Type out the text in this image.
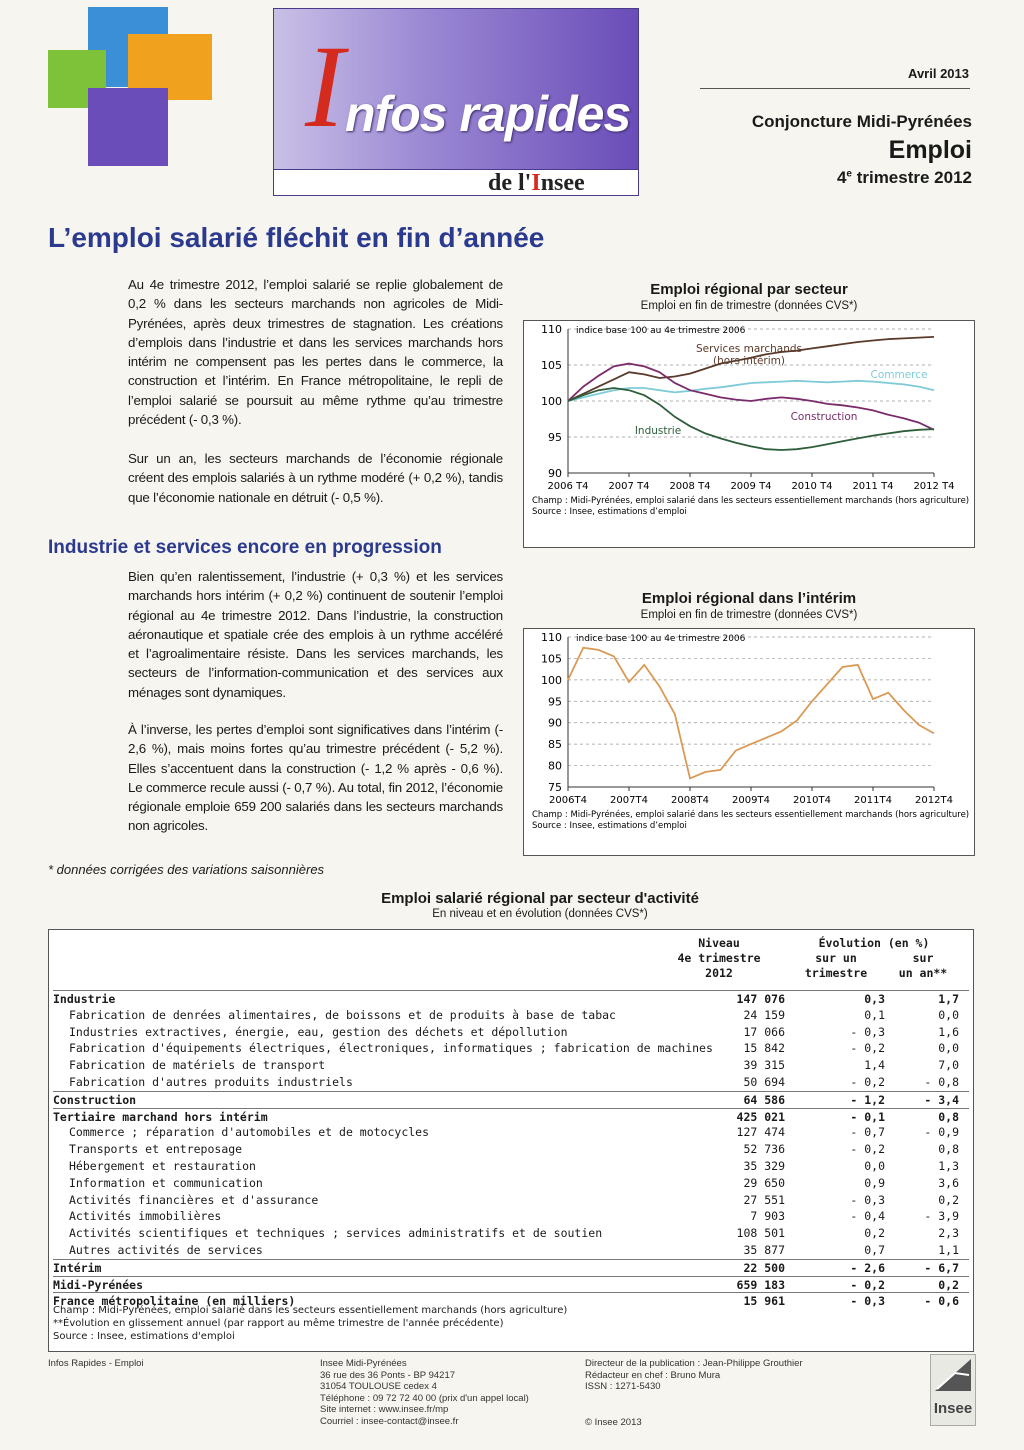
I nfos rapides
de l'Insee
Avril 2013
Conjoncture Midi-Pyrénées
Emploi
4e trimestre 2012
L’emploi salarié fléchit en fin d’année
Au 4e trimestre 2012, l’emploi salarié se replie globalement de 0,2 % dans les secteurs marchands non agricoles de Midi-Pyrénées, après deux trimestres de stagnation. Les créations d’emplois dans l’industrie et dans les services marchands hors intérim ne compensent pas les pertes dans le commerce, la construction et l’intérim. En France métropolitaine, le repli de l’emploi salarié se poursuit au même rythme qu’au trimestre précédent (- 0,3 %).
Sur un an, les secteurs marchands de l’économie régionale créent des emplois salariés à un rythme modéré (+ 0,2 %), tandis que l’économie nationale en détruit (- 0,5 %).
Industrie et services encore en progression
Bien qu’en ralentissement, l’industrie (+ 0,3 %) et les services marchands hors intérim (+ 0,2 %) continuent de soutenir l’emploi régional au 4e trimestre 2012. Dans l’industrie, la construction aéronautique et spatiale crée des emplois à un rythme accéléré et l’agroalimentaire résiste. Dans les services marchands, les secteurs de l’information-communication et des services aux ménages sont dynamiques.
À l’inverse, les pertes d’emploi sont significatives dans l’intérim (- 2,6 %), mais moins fortes qu’au trimestre précédent (- 5,2 %). Elles s’accentuent dans la construction (- 1,2 % après - 0,6 %). Le commerce recule aussi (- 0,7 %). Au total, fin 2012, l’économie régionale emploie 659 200 salariés dans les secteurs marchands non agricoles.
* données corrigées des variations saisonnières
Emploi régional par secteur
Emploi en fin de trimestre (données CVS*)
90
95
100
105
110
2006 T4 2007 T4 2008 T4 2009 T4 2010 T4 2011 T4 2012 T4
indice base 100 au 4e trimestre 2006
Services marchands
(hors intérim)
Commerce
Construction
Industrie
Champ : Midi-Pyrénées, emploi salarié dans les secteurs essentiellement marchands (hors agriculture)
Source : Insee, estimations d’emploi
Emploi régional dans l’intérim
Emploi en fin de trimestre (données CVS*)
75
80
85
90
95
100
105
110
2006T4 2007T4 2008T4 2009T4 2010T4 2011T4 2012T4
indice base 100 au 4e trimestre 2006
Champ : Midi-Pyrénées, emploi salarié dans les secteurs essentiellement marchands (hors agriculture)
Source : Insee, estimations d’emploi
Emploi salarié régional par secteur d'activité
En niveau et en évolution (données CVS*)
Niveau
4e trimestre
2012
Évolution (en %)
sur un
trimestre
sur
un an**
Industrie	147 076	0,3	1,7
Fabrication de denrées alimentaires, de boissons et de produits à base de tabac	24 159	0,1	0,0
Industries extractives, énergie, eau, gestion des déchets et dépollution	17 066	- 0,3	1,6
Fabrication d'équipements électriques, électroniques, informatiques ; fabrication de machines	15 842	- 0,2	0,0
Fabrication de matériels de transport	39 315	1,4	7,0
Fabrication d'autres produits industriels	50 694	- 0,2	- 0,8
Construction	64 586	- 1,2	- 3,4
Tertiaire marchand hors intérim	425 021	- 0,1	0,8
Commerce ; réparation d'automobiles et de motocycles	127 474	- 0,7	- 0,9
Transports et entreposage	52 736	- 0,2	0,8
Hébergement et restauration	35 329	0,0	1,3
Information et communication	29 650	0,9	3,6
Activités financières et d'assurance	27 551	- 0,3	0,2
Activités immobilières	7 903	- 0,4	- 3,9
Activités scientifiques et techniques ; services administratifs et de soutien	108 501	0,2	2,3
Autres activités de services	35 877	0,7	1,1
Intérim	22 500	- 2,6	- 6,7
Midi-Pyrénées	659 183	- 0,2	0,2
France métropolitaine (en milliers)	15 961	- 0,3	- 0,6
Champ : Midi-Pyrénées, emploi salarié dans les secteurs essentiellement marchands (hors agriculture)
**Évolution en glissement annuel (par rapport au même trimestre de l'année précédente)
Source : Insee, estimations d'emploi
Infos Rapides - Emploi	Insee Midi-Pyrénées
36 rue des 36 Ponts - BP 94217
31054 TOULOUSE cedex 4
Téléphone : 09 72 72 40 00 (prix d'un appel local)
Site internet : www.insee.fr/mp
Courriel : insee-contact@insee.fr
Directeur de la publication : Jean-Philippe Grouthier
Rédacteur en chef : Bruno Mura
ISSN : 1271-5430
© Insee 2013
Insee
